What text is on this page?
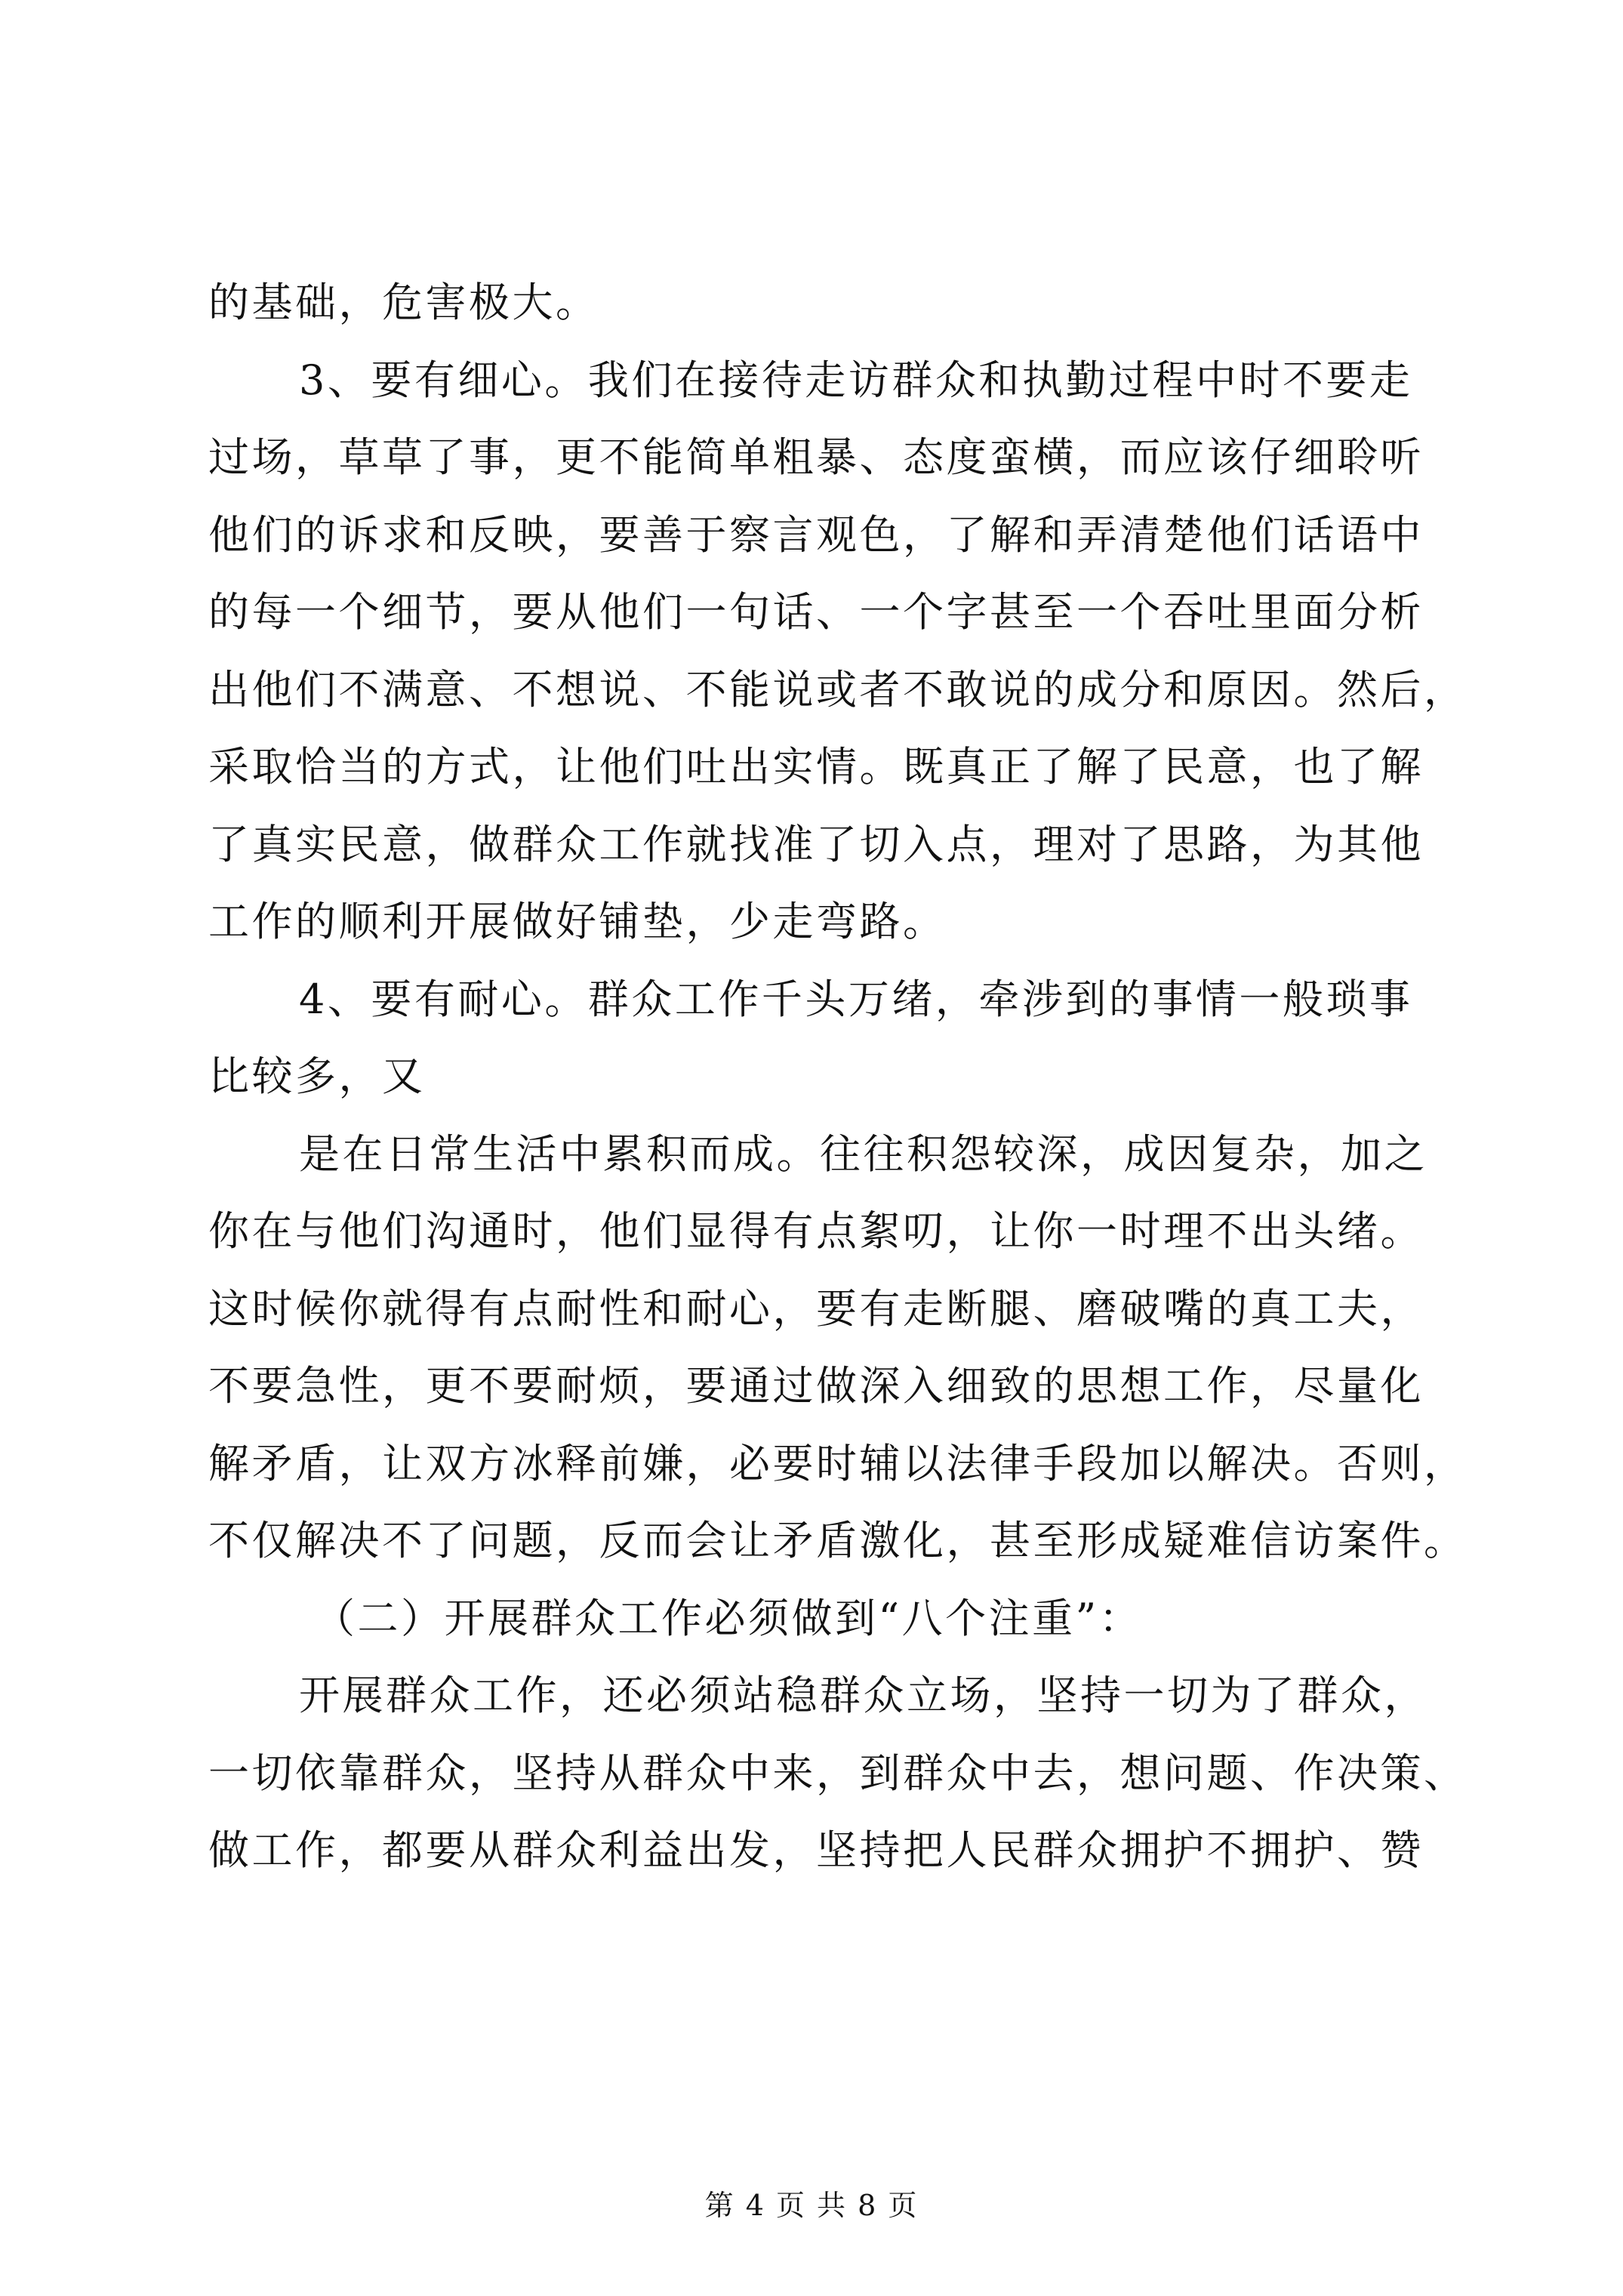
的基础，危害极大。
3、要有细心。我们在接待走访群众和执勤过程中时不要走
过场，草草了事，更不能简单粗暴、态度蛮横，而应该仔细聆听
他们的诉求和反映，要善于察言观色，了解和弄清楚他们话语中
的每一个细节，要从他们一句话、一个字甚至一个吞吐里面分析
出他们不满意、不想说、不能说或者不敢说的成分和原因。然后，
采取恰当的方式，让他们吐出实情。既真正了解了民意，也了解
了真实民意，做群众工作就找准了切入点，理对了思路，为其他
工作的顺利开展做好铺垫，少走弯路。
4、要有耐心。群众工作千头万绪，牵涉到的事情一般琐事
比较多，又
是在日常生活中累积而成。往往积怨较深，成因复杂，加之
你在与他们沟通时，他们显得有点絮叨，让你一时理不出头绪。
这时候你就得有点耐性和耐心，要有走断腿、磨破嘴的真工夫，
不要急性，更不要耐烦，要通过做深入细致的思想工作，尽量化
解矛盾，让双方冰释前嫌，必要时辅以法律手段加以解决。否则，
不仅解决不了问题，反而会让矛盾激化，甚至形成疑难信访案件。
（二）开展群众工作必须做到“八个注重”：
开展群众工作，还必须站稳群众立场，坚持一切为了群众，
一切依靠群众，坚持从群众中来，到群众中去，想问题、作决策、
做工作，都要从群众利益出发，坚持把人民群众拥护不拥护、赞
第 4 页 共 8 页
